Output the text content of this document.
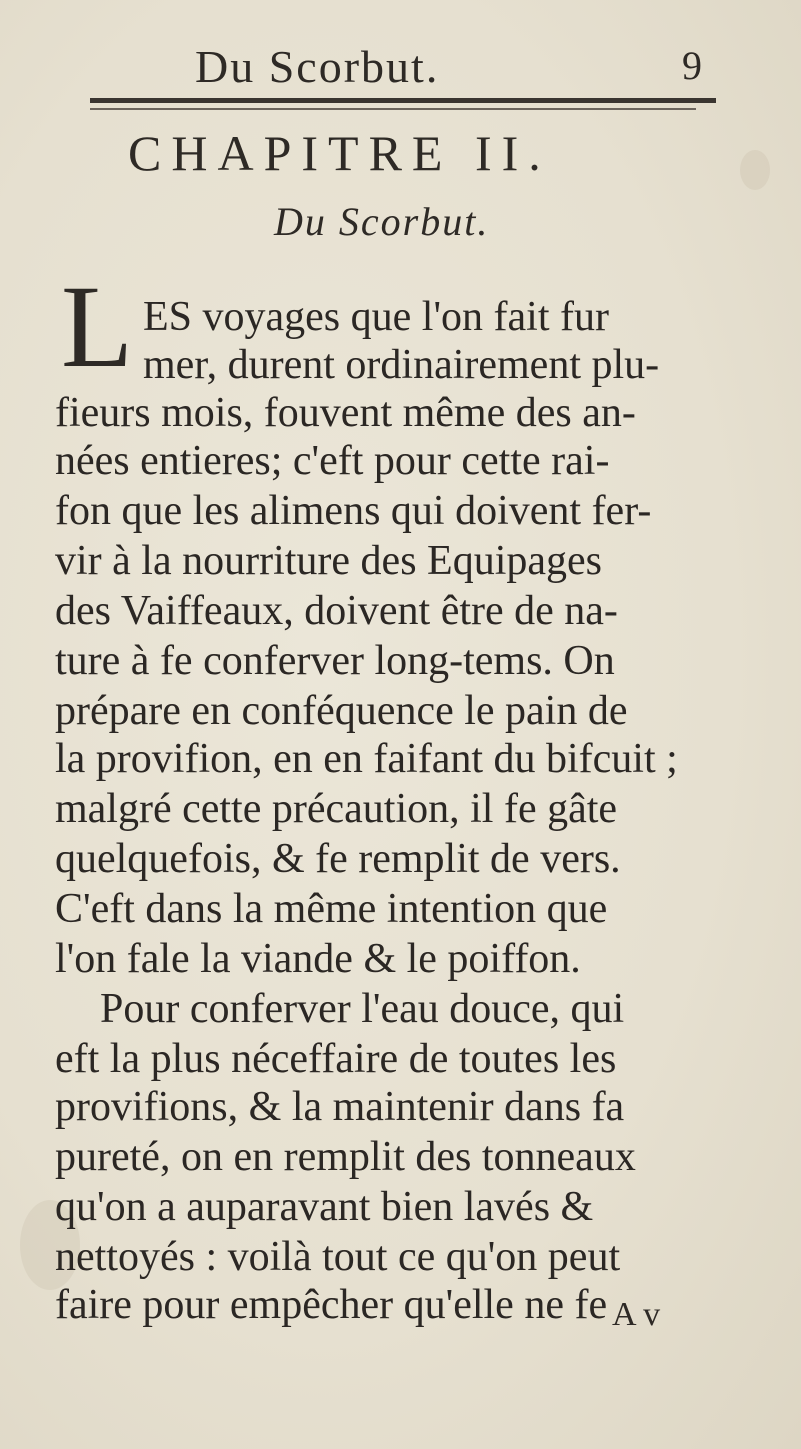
Du Scorbut.	9
CHAPITRE II.
Du Scorbut.
L ES voyages que l'on fait fur
mer, durent ordinairement plu-
fieurs mois, fouvent même des an-
nées entieres; c'eft pour cette rai-
fon que les alimens qui doivent fer-
vir à la nourriture des Equipages
des Vaiffeaux, doivent être de na-
ture à fe conferver long-tems. On
prépare en conféquence le pain de
la provifion, en en faifant du bifcuit ;
malgré cette précaution, il fe gâte
quelquefois, & fe remplit de vers.
C'eft dans la même intention que
l'on fale la viande & le poiffon.
Pour conferver l'eau douce, qui
eft la plus néceffaire de toutes les
provifions, & la maintenir dans fa
pureté, on en remplit des tonneaux
qu'on a auparavant bien lavés &
nettoyés : voilà tout ce qu'on peut
faire pour empêcher qu'elle ne fe A v
